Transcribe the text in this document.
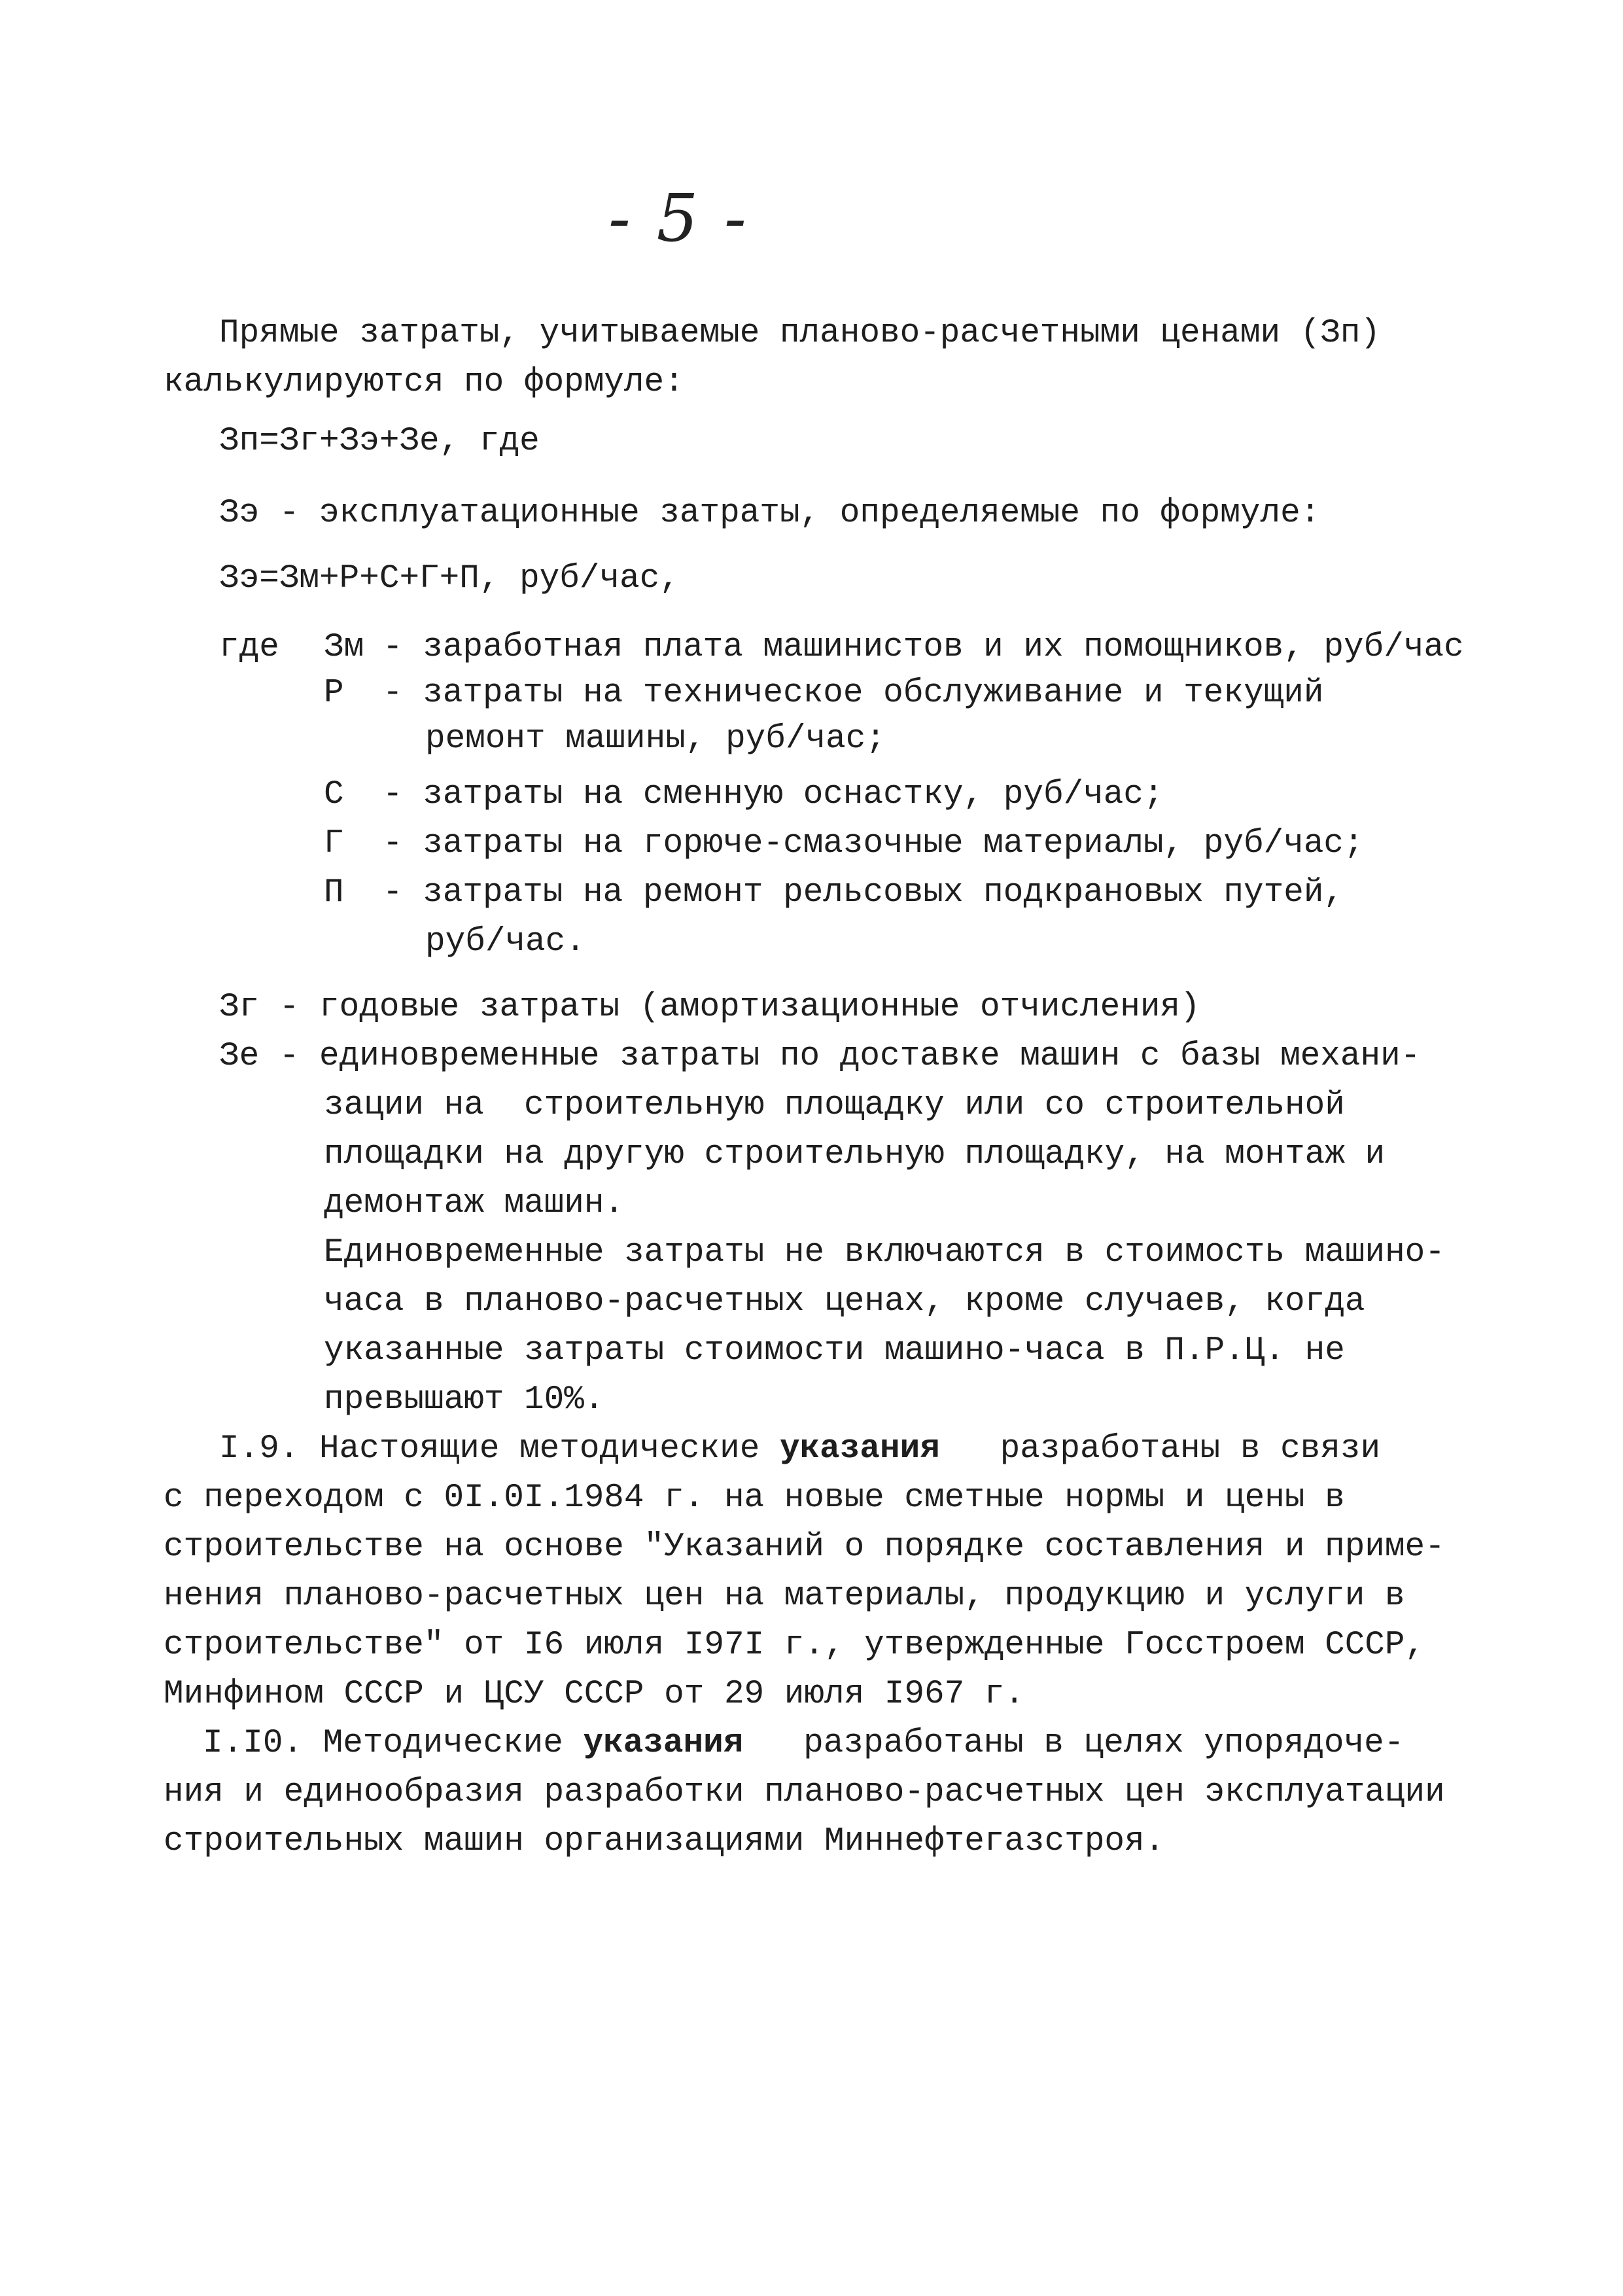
- 5 -
Прямые затраты, учитываемые планово-расчетными ценами (Зп)
калькулируются по формуле:
Зп=Зг+Зэ+Зе, где
Зэ - эксплуатационные затраты, определяемые по формуле:
Зэ=Зм+Р+С+Г+П, руб/час,
где Зм - заработная плата машинистов и их помощников, руб/час
Р - затраты на техническое обслуживание и текущий
ремонт машины, руб/час;
С - затраты на сменную оснастку, руб/час;
Г - затраты на горюче-смазочные материалы, руб/час;
П - затраты на ремонт рельсовых подкрановых путей,
руб/час.
Зг - годовые затраты (амортизационные отчисления)
Зе - единовременные затраты по доставке машин с базы механи-
зации на  строительную площадку или со строительной
площадки на другую строительную площадку, на монтаж и
демонтаж машин.
Единовременные затраты не включаются в стоимость машино-
часа в планово-расчетных ценах, кроме случаев, когда
указанные затраты стоимости машино-часа в П.Р.Ц. не
превышают 10%.
I.9. Настоящие методические указания   разработаны в связи
с переходом с 0I.0I.1984 г. на новые сметные нормы и цены в
строительстве на основе "Указаний о порядке составления и приме-
нения планово-расчетных цен на материалы, продукцию и услуги в
строительстве" от I6 июля I97I г., утвержденные Госстроем СССР,
Минфином СССР и ЦСУ СССР от 29 июля I967 г.
I.I0. Методические указания   разработаны в целях упорядоче-
ния и единообразия разработки планово-расчетных цен эксплуатации
строительных машин организациями Миннефтегазстроя.
